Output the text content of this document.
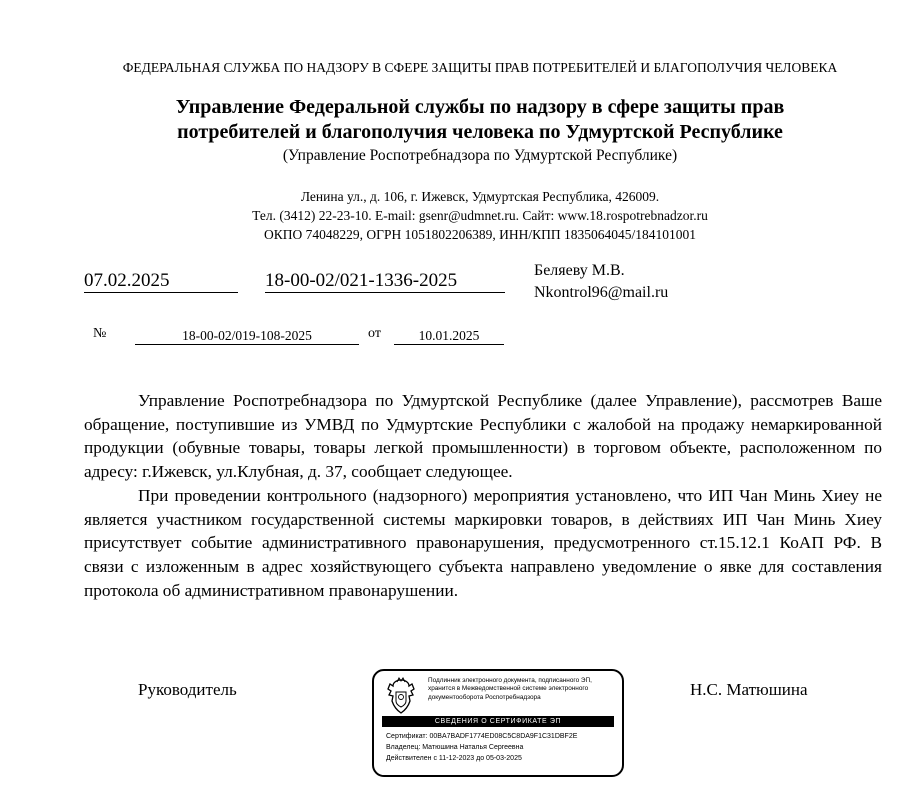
ФЕДЕРАЛЬНАЯ СЛУЖБА ПО НАДЗОРУ В СФЕРЕ ЗАЩИТЫ ПРАВ ПОТРЕБИТЕЛЕЙ И БЛАГОПОЛУЧИЯ ЧЕЛОВЕКА
Управление Федеральной службы по надзору в сфере защиты прав
потребителей и благополучия человека по Удмуртской Республике
(Управление Роспотребнадзора по Удмуртской Республике)
Ленина ул., д. 106, г. Ижевск, Удмуртская Республика, 426009.
Тел. (3412) 22-23-10. E-mail: gsenr@udmnet.ru. Сайт: www.18.rospotrebnadzor.ru
ОКПО 74048229, ОГРН 1051802206389, ИНН/КПП 1835064045/184101001
07.02.2025	18-00-02/021-1336-2025	Беляеву М.В.
Nkontrol96@mail.ru
№	18-00-02/019-108-2025	от	10.01.2025

Управление Роспотребнадзора по Удмуртской Республике (далее Управление), рассмотрев Ваше обращение, поступившие из УМВД по Удмуртские Республики с жалобой на продажу немаркированной продукции (обувные товары, товары легкой промышленности) в торговом объекте, расположенном по адресу: г.Ижевск, ул.Клубная, д. 37, сообщает следующее.

При проведении контрольного (надзорного) мероприятия установлено, что ИП Чан Минь Хиеу не является участником государственной системы маркировки товаров, в действиях ИП Чан Минь Хиеу присутствует событие административного правонарушения, предусмотренного ст.15.12.1 КоАП РФ. В связи с изложенным в адрес хозяйствующего субъекта направлено уведомление о явке для составления протокола об административном правонарушении.

Руководитель	Н.С. Матюшина
Подлинник электронного документа, подписанного ЭП, хранится в Межведомственной системе электронного документооборота Роспотребнадзора
СВЕДЕНИЯ О СЕРТИФИКАТЕ ЭП
Сертификат: 00BA7BADF1774ED08C5C8DA9F1C31DBF2E
Владелец: Матюшина Наталья Сергеевна
Действителен с 11-12-2023 до 05-03-2025
